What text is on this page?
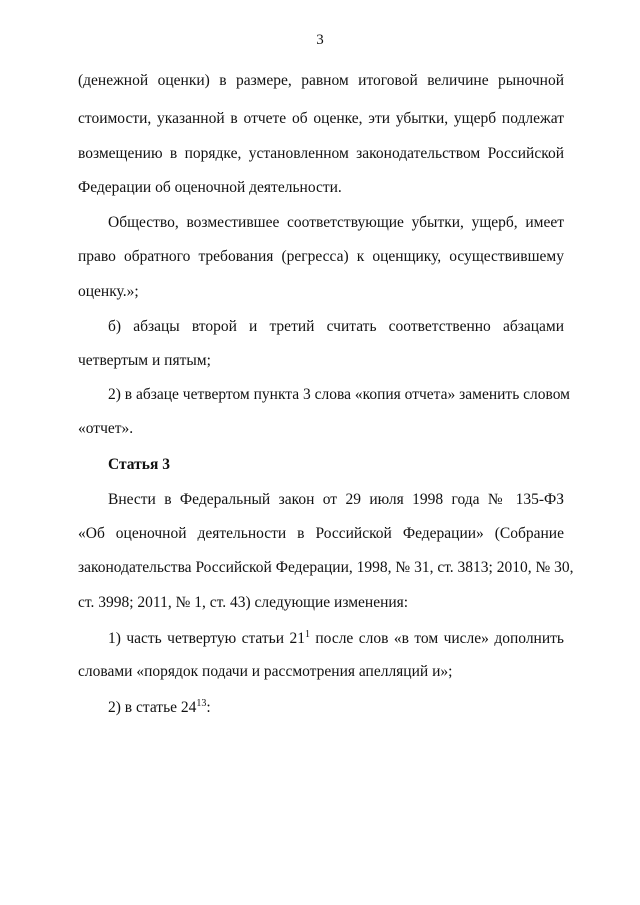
3
(денежной оценки) в размере, равном итоговой величине рыночной
стоимости, указанной в отчете об оценке, эти убытки, ущерб подлежат
возмещению в порядке, установленном законодательством Российской
Федерации об оценочной деятельности.
Общество, возместившее соответствующие убытки, ущерб, имеет
право обратного требования (регресса) к оценщику, осуществившему
оценку.»;
б) абзацы второй и третий считать соответственно абзацами
четвертым и пятым;
2) в абзаце четвертом пункта 3 слова «копия отчета» заменить словом
«отчет».
Статья 3
Внести в Федеральный закон от 29 июля 1998 года № 135-ФЗ
«Об оценочной деятельности в Российской Федерации» (Собрание
законодательства Российской Федерации, 1998, № 31, ст. 3813; 2010, № 30,
ст. 3998; 2011, № 1, ст. 43) следующие изменения:
1) часть четвертую статьи $21^1$ после слов «в том числе» дополнить
словами «порядок подачи и рассмотрения апелляций и»;
2) в статье $24^{13}$:
